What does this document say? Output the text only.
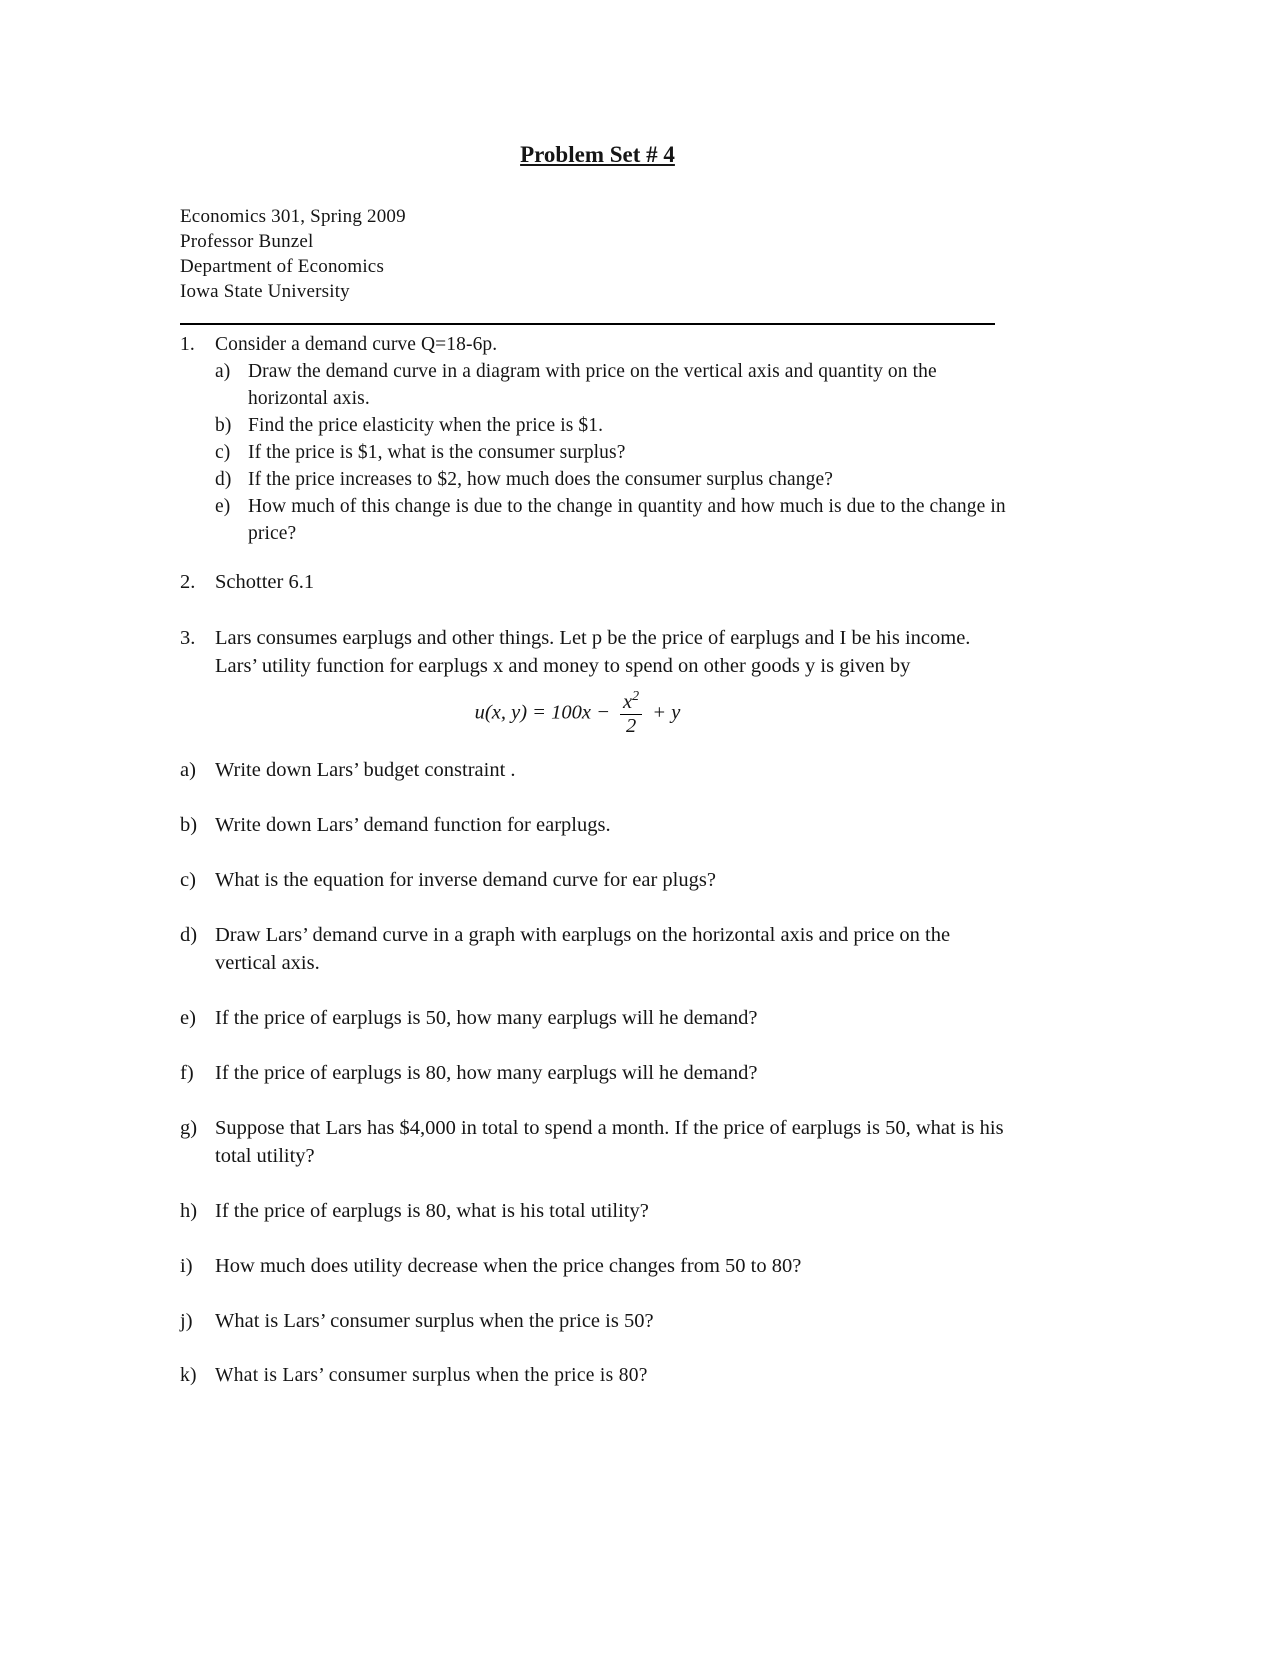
Problem Set # 4
Economics 301, Spring 2009
Professor Bunzel
Department of Economics
Iowa State University
1.	Consider a demand curve Q=18-6p.
a) Draw the demand curve in a diagram with price on the vertical axis and quantity on the horizontal axis.
b) Find the price elasticity when the price is $1.
c) If the price is $1, what is the consumer surplus?
d) If the price increases to $2, how much does the consumer surplus change?
e) How much of this change is due to the change in quantity and how much is due to the change in price?
2. Schotter 6.1
3. Lars consumes earplugs and other things. Let p be the price of earplugs and I be his income. Lars’ utility function for earplugs x and money to spend on other goods y is given by
u(x, $y) = 100x - \frac{x^2}{2} + y$
a) Write down Lars’ budget constraint .
b) Write down Lars’ demand function for earplugs.
c) What is the equation for inverse demand curve for ear plugs?
d) Draw Lars’ demand curve in a graph with earplugs on the horizontal axis and price on the vertical axis.
e) If the price of earplugs is 50, how many earplugs will he demand?
f)	If the price of earplugs is 80, how many earplugs will he demand?
g) Suppose that Lars has $4,000 in total to spend a month. If the price of earplugs is 50, what is his total utility?
h) If the price of earplugs is 80, what is his total utility?
i)	How much does utility decrease when the price changes from 50 to 80?
j)	What is Lars’ consumer surplus when the price is 50?
k) What is Lars’ consumer surplus when the price is 80?
